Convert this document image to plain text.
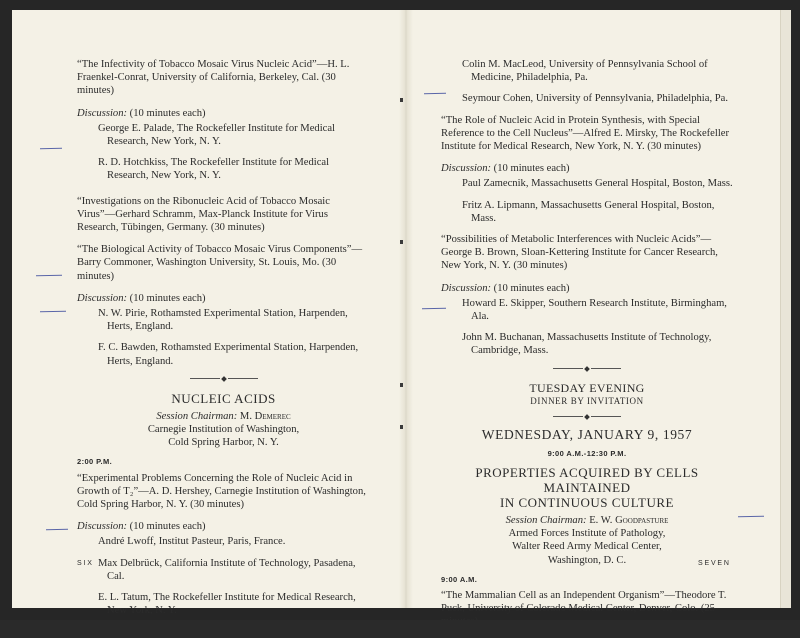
“The Infectivity of Tobacco Mosaic Virus Nucleic Acid”—H. L. Fraenkel-Conrat, University of California, Berkeley, Cal. (30 minutes)

Discussion: (10 minutes each)

George E. Palade, The Rockefeller Institute for Medical Research, New York, N. Y.

R. D. Hotchkiss, The Rockefeller Institute for Medical Research, New York, N. Y.

“Investigations on the Ribonucleic Acid of Tobacco Mosaic Virus”—Gerhard Schramm, Max-Planck Institute for Virus Research, Tübingen, Germany. (30 minutes)

“The Biological Activity of Tobacco Mosaic Virus Components”—Barry Commoner, Washington University, St. Louis, Mo. (30 minutes)

Discussion: (10 minutes each)

N. W. Pirie, Rothamsted Experimental Station, Harpenden, Herts, England.

F. C. Bawden, Rothamsted Experimental Station, Harpenden, Herts, England.

NUCLEIC ACIDS

Session Chairman: M. Demerec

Carnegie Institution of Washington,

Cold Spring Harbor, N. Y.

2:00 P.M.

“Experimental Problems Concerning the Role of Nucleic Acid in Growth of T₂”—A. D. Hershey, Carnegie Institution of Washington, Cold Spring Harbor, N. Y. (30 minutes)

Discussion: (10 minutes each)

André Lwoff, Institut Pasteur, Paris, France.

Max Delbrück, California Institute of Technology, Pasadena, Cal.

E. L. Tatum, The Rockefeller Institute for Medical Research, New York, N. Y.

SIX

Colin M. MacLeod, University of Pennsylvania School of Medicine, Philadelphia, Pa.

Seymour Cohen, University of Pennsylvania, Philadelphia, Pa.

“The Role of Nucleic Acid in Protein Synthesis, with Special Reference to the Cell Nucleus”—Alfred E. Mirsky, The Rockefeller Institute for Medical Research, New York, N. Y. (30 minutes)

Discussion: (10 minutes each)

Paul Zamecnik, Massachusetts General Hospital, Boston, Mass.

Fritz A. Lipmann, Massachusetts General Hospital, Boston, Mass.

“Possibilities of Metabolic Interferences with Nucleic Acids”—George B. Brown, Sloan-Kettering Institute for Cancer Research, New York, N. Y. (30 minutes)

Discussion: (10 minutes each)

Howard E. Skipper, Southern Research Institute, Birmingham, Ala.

John M. Buchanan, Massachusetts Institute of Technology, Cambridge, Mass.

TUESDAY EVENING

DINNER BY INVITATION

WEDNESDAY, JANUARY 9, 1957

9:00 A.M.-12:30 P.M.

PROPERTIES ACQUIRED BY CELLS MAINTAINED

IN CONTINUOUS CULTURE

Session Chairman: E. W. Goodpasture

Armed Forces Institute of Pathology,

Walter Reed Army Medical Center,

Washington, D. C.

9:00 A.M.

“The Mammalian Cell as an Independent Organism”—Theodore T. Puck, University of Colorado Medical Center, Denver, Colo. (25 minutes)

SEVEN
